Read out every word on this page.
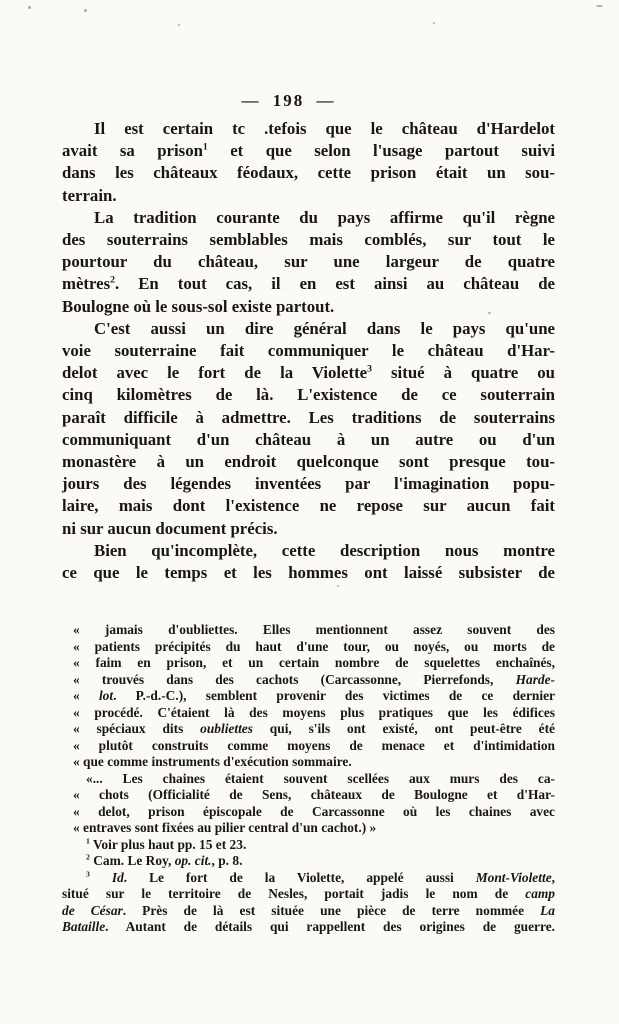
— 198 —
Il est certain tc .tefois que le château d'Hardelot
avait sa prison$^1$ et que selon l'usage partout suivi
dans les châteaux féodaux, cette prison était un sou-
terrain.
La tradition courante du pays affirme qu'il règne
des souterrains semblables mais comblés, sur tout le
pourtour du château, sur une largeur de quatre
mètres$^2$. En tout cas, il en est ainsi au château de
Boulogne où le sous-sol existe partout.
C'est aussi un dire général dans le pays qu'une
voie souterraine fait communiquer le château d'Har-
delot avec le fort de la Violette$^3$ situé à quatre ou
cinq kilomètres de là. L'existence de ce souterrain
paraît difficile à admettre. Les traditions de souterrains
communiquant d'un château à un autre ou d'un
monastère à un endroit quelconque sont presque tou-
jours des légendes inventées par l'imagination popu-
laire, mais dont l'existence ne repose sur aucun fait
ni sur aucun document précis.
Bien qu'incomplète, cette description nous montre
ce que le temps et les hommes ont laissé subsister de
« jamais d'oubliettes. Elles mentionnent assez souvent des
« patients précipités du haut d'une tour, ou noyés, ou morts de
« faim en prison, et un certain nombre de squelettes enchaînés,
« trouvés dans des cachots (Carcassonne, Pierrefonds, Harde-
« lot. P.-d.-C.), semblent provenir des victimes de ce dernier
« procédé. C'étaient là des moyens plus pratiques que les édifices
« spéciaux dits oubliettes qui, s'ils ont existé, ont peut-être été
« plutôt construits comme moyens de menace et d'intimidation
« que comme instruments d'exécution sommaire.
«... Les chaines étaient souvent scellées aux murs des ca-
« chots (Officialité de Sens, châteaux de Boulogne et d'Har-
« delot, prison épiscopale de Carcassonne où les chaines avec
« entraves sont fixées au pilier central d'un cachot.) »
$^1$ Voir plus haut pp. 15 et 23.
$^2$ Cam. Le Roy, op. cit., p. 8.
$^3$ Id. Le fort de la Violette, appelé aussi Mont-Violette,
situé sur le territoire de Nesles, portait jadis le nom de camp
de César. Près de là est située une pièce de terre nommée La
Bataille. Autant de détails qui rappellent des origines de guerre.
